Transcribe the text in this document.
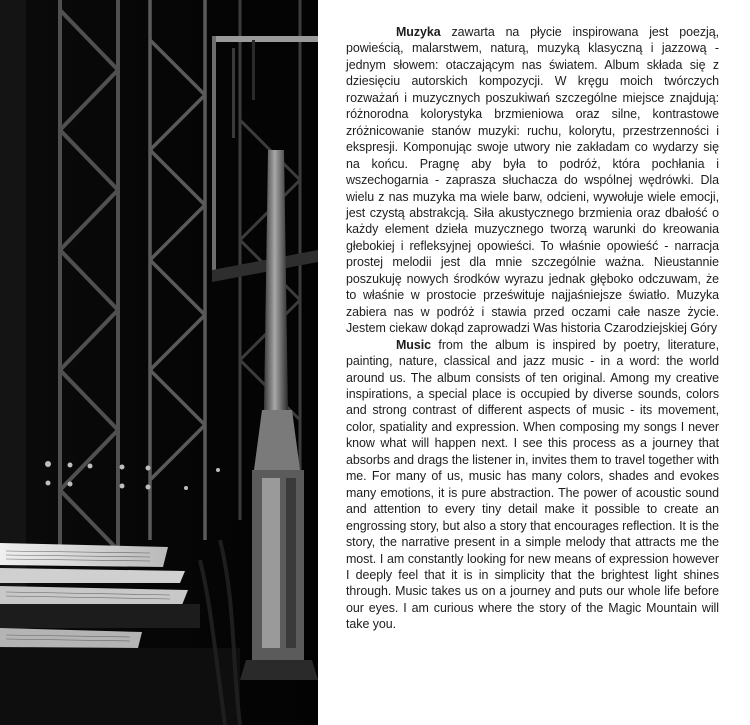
Muzyka zawarta na płycie inspirowana jest poezją, powieścią, malarstwem, naturą, muzyką klasyczną i jazzową - jednym słowem: otaczającym nas światem. Album składa się z dziesięciu autorskich kompozycji. W kręgu moich twórczych rozważań i muzycznych poszukiwań szczególne miejsce znajdują: różnorodna kolorystyka brzmieniowa oraz silne, kontrastowe zróżnicowanie stanów muzyki: ruchu, kolorytu, przestrzenności i ekspresji. Komponując swoje utwory nie zakładam co wydarzy się na końcu. Pragnę aby była to podróż, która pochłania i wszechogarnia - zaprasza słuchacza do wspólnej wędrówki. Dla wielu z nas muzyka ma wiele barw, odcieni, wywołuje wiele emocji, jest czystą abstrakcją. Siła akustycznego brzmienia oraz dbałość o każdy element dzieła muzycznego tworzą warunki do kreowania głebokiej i refleksyjnej opowieści. To właśnie opowieść - narracja prostej melodii jest dla mnie szczególnie ważna. Nieustannie poszukuję nowych środków wyrazu jednak głęboko odczuwam, że to właśnie w prostocie prześwituje najjaśniejsze światło. Muzyka zabiera nas w podróż i stawia przed oczami całe nasze życie. Jestem ciekaw dokąd zaprowadzi Was historia Czarodziejskiej Góry

Music from the album is inspired by poetry, literature, painting, nature, classical and jazz music - in a word: the world around us. The album consists of ten original. Among my creative inspirations, a special place is occupied by diverse sounds, colors and strong contrast of different aspects of music - its movement, color, spatiality and expression. When composing my songs I never know what will happen next. I see this process as a journey that absorbs and drags the listener in, invites them to travel together with me. For many of us, music has many colors, shades and evokes many emotions, it is pure abstraction. The power of acoustic sound and attention to every tiny detail make it possible to create an engrossing story, but also a story that encourages reflection. It is the story, the narrative present in a simple melody that attracts me the most. I am constantly looking for new means of expression however I deeply feel that it is in simplicity that the brightest light shines through. Music takes us on a journey and puts our whole life before our eyes. I am curious where the story of the Magic Mountain will take you.
